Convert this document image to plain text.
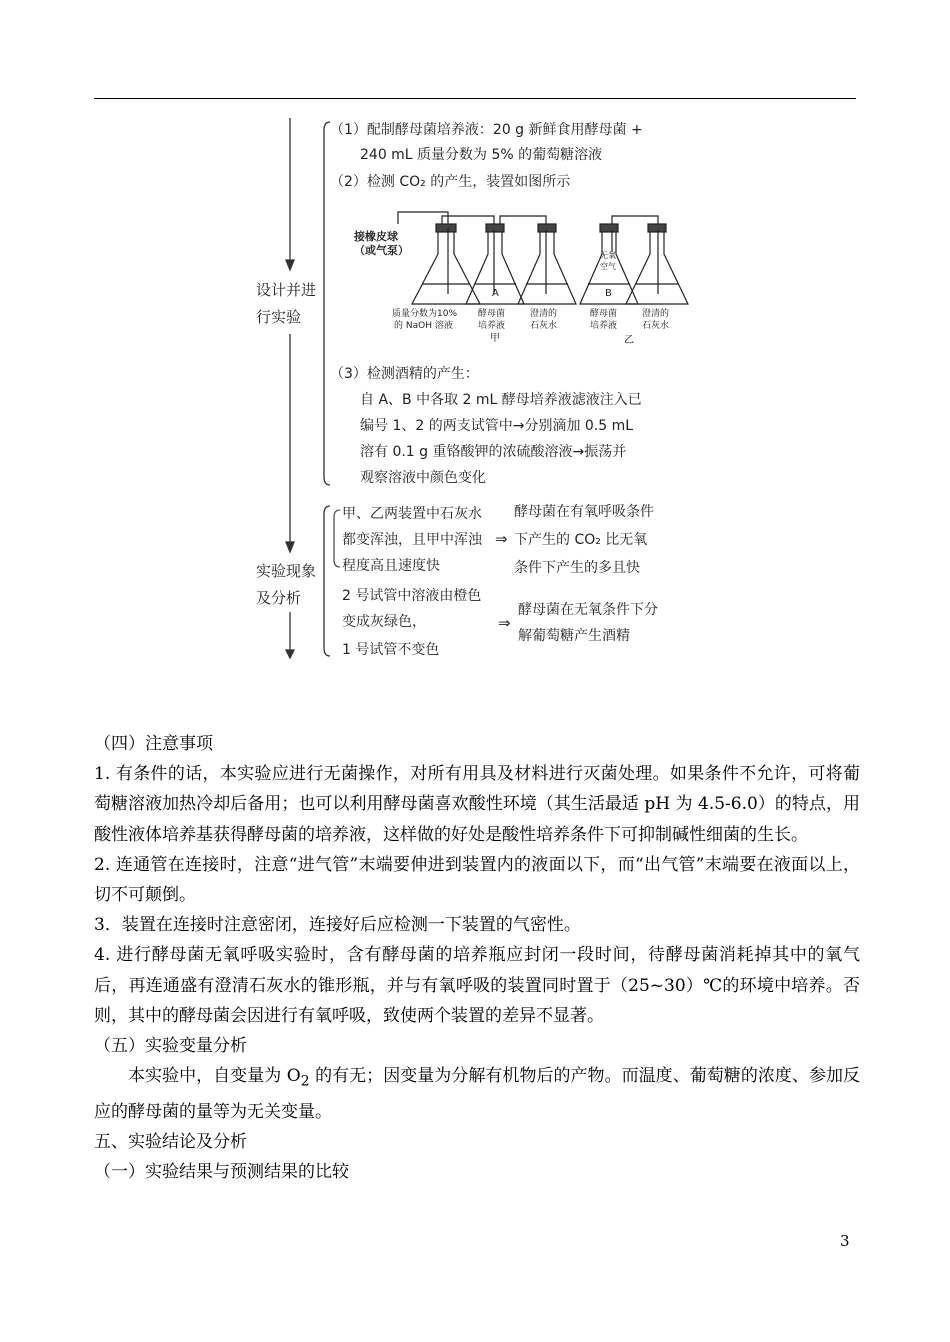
设计并进
行实验
实验现象
及分析
（1）配制酵母菌培养液：20 g 新鲜食用酵母菌 +
240 mL 质量分数为 5% 的葡萄糖溶液
（2）检测 CO₂ 的产生，装置如图所示
接橡皮球
（或气泵）
A	B
无氧
空气
质量分数为10%
的 NaOH 溶液
酵母菌
培养液
澄清的
石灰水
酵母菌
培养液
澄清的
石灰水
甲	乙
（3）检测酒精的产生：
自 A、B 中各取 2 mL 酵母培养液滤液注入已
编号 1、2 的两支试管中→分别滴加 0.5 mL
溶有 0.1 g 重铬酸钾的浓硫酸溶液→振荡并
观察溶液中颜色变化
甲、乙两装置中石灰水
都变浑浊，且甲中浑浊
程度高且速度快
⇒
酵母菌在有氧呼吸条件
下产生的 CO₂ 比无氧
条件下产生的多且快
2 号试管中溶液由橙色
变成灰绿色，
1 号试管不变色
⇒
酵母菌在无氧条件下分
解葡萄糖产生酒精

（四）注意事项

1. 有条件的话，本实验应进行无菌操作，对所有用具及材料进行灭菌处理。如果条件不允许，可将葡萄糖溶液加热冷却后备用；也可以利用酵母菌喜欢酸性环境（其生活最适 pH 为 4.5-6.0）的特点，用酸性液体培养基获得酵母菌的培养液，这样做的好处是酸性培养条件下可抑制碱性细菌的生长。

2. 连通管在连接时，注意“进气管”末端要伸进到装置内的液面以下，而“出气管”末端要在液面以上，切不可颠倒。

3．装置在连接时注意密闭，连接好后应检测一下装置的气密性。

4. 进行酵母菌无氧呼吸实验时，含有酵母菌的培养瓶应封闭一段时间，待酵母菌消耗掉其中的氧气后，再连通盛有澄清石灰水的锥形瓶，并与有氧呼吸的装置同时置于（25~30）℃的环境中培养。否则，其中的酵母菌会因进行有氧呼吸，致使两个装置的差异不显著。

（五）实验变量分析

本实验中，自变量为 $O_2$ 的有无；因变量为分解有机物后的产物。而温度、葡萄糖的浓度、参加反应的酵母菌的量等为无关变量。

五、实验结论及分析

（一）实验结果与预测结果的比较

3
